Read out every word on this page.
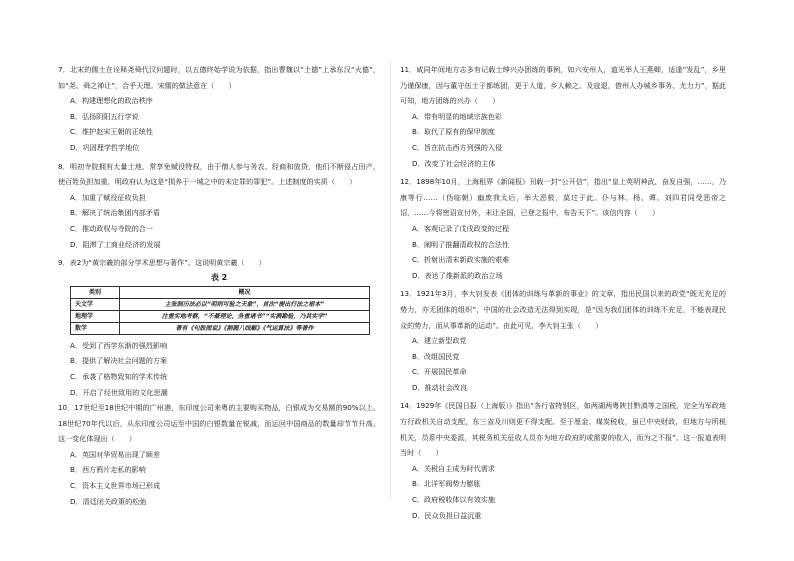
7．北宋的儒士在诠释尧舜代汉问题时，以五德终始学说为依据，指出曹魏以“土德”上承东汉“火德”，如“尧、舜之禅让”，合乎天理。宋儒的做法意在（　　）

A．构建理想化的政治秩序

B．弘扬阴阳五行学说

C．维护赵宋王朝的正统性

D．巩固理学哲学地位

8．明初寺院拥有大量土地，常享免赋役特权，由于僧人参与务农、经商和放贷，他们不断侵占田产，使百姓负担加重，明政府认为这是“损养于一城之中的未定罪的罪犯”。上述制度的实质（　　）

A．加重了赋役征收负担

B．解决了统治集团内部矛盾

C．推动政权与寺院的合一

D．阻滞了工商业经济的发展

9．表2为“黄宗羲的部分学术思想与著作”。这说明黄宗羲（　　）

表 2
类别	概况
天文学	主张制历法必以“明则可验之天象”，首次“提出行法之根本”
地理学	注重实地考察，“不最理论，务重诸书”“实测勘验，乃其实学”
数学	著有《句股图说》《割圆八线解》《气运算法》等著作

A．受到了西学东渐的强烈影响

B．提供了解决社会问题的方案

C．承袭了格物致知的学术传统

D．开启了经世致用的文化思潮

10．17世纪至18世纪中期的广州港，东印度公司来粤的主要购买物品，白银成为交易额的90%以上。18世纪70年代以后，从东印度公司运至中国的白银数量在锐减，而运回中国商品的数量却节节升高。这一变化体现出（　　）

A．英国对华贸易出现了顺差

B．西方鸦片走私的影响

C．资本主义世界市场已形成

D．清廷闭关政策的松弛

11．咸同年间地方志多有记载士绅兴办团练的事例，如六安州人，道光举人王燕卿，适逢“发乱”，乡里乃谨保康，因与董守伍士子都练团，更于人道，乡人赖之。及寇退，借州人办城乡事务、尤力力”，据此可知，地方团练的兴办（　　）

A．带有明显的地域宗族色彩

B．取代了原有的保甲制度

C．旨在抗击西方列强的入侵

D．改变了社会经济的主体

12．1898年10月，上海租界《新闻报》刊载一封“公开信”，指出“皇上英明神武，奋发自强，……，乃康等行……（伪临朝）幽废我太后，举大恶极，莫过于此。仆与林、杨、谭、刘四君同受恶帝之诏，……今将密诏宣付外，未让全国，已登之报中，布告天下”。该信内容（　　）

A．客观记录了戊戌政变的过程

B．阐明了推翻清政权的合法性

C．折射出清末新政实施的艰难

D．表达了维新派的政治立场

13．1921年3月，李大钊发表《团体的训练与革新的事业》的文章，指出民国以来的政党“既无充足的势力，亦无团体的组织”，中国的社会改造无法得到实现，是“因为我们团体的训练不充足，不能表现民众的势力，而从事革新的运动”。由此可见，李大钊主张（　　）

A．建立新型政党

B．改组国民党

C．开展国民革命

D．推动社会改良

14．1929年《民国日报（上海版）》指出“各行省特别区，如两湖两粤陕甘黔滇等之国税，完全为军政地方行政机关自动支配，东三省及川则更不得支配。至于厘金、煤炭税收，虽已中央财政，但地方与所税机关，员系中央委派，其税务机关征收人员亦为地方政府的或需要的收入，而为之不报”。这一报道表明当时（　　）

A．关税自主成为时代需求

B．北洋军阀势力膨胀

C．政府税收体以有效实施

D．民众负担日益沉重
